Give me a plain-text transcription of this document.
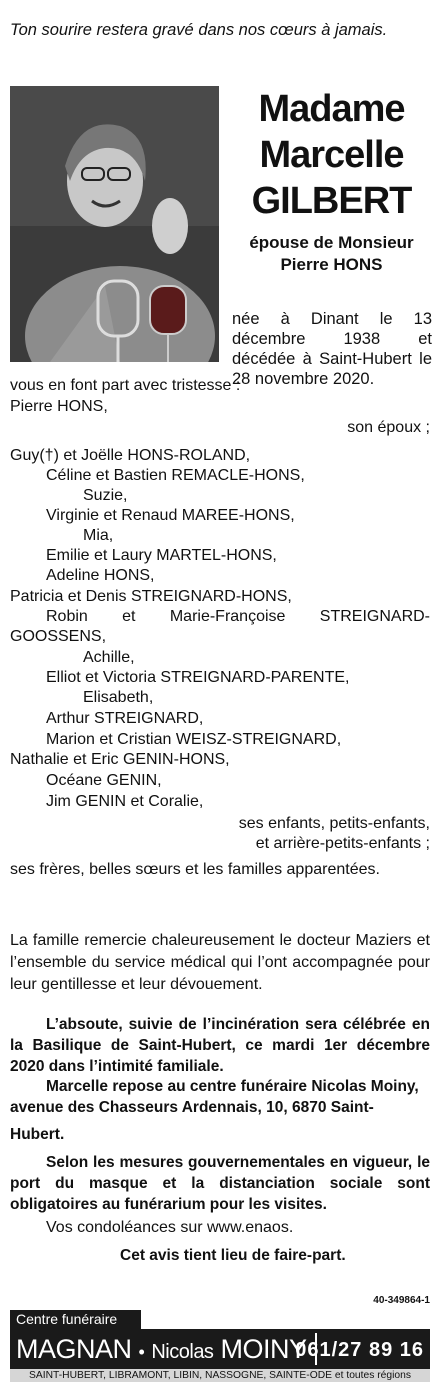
Ton sourire restera gravé dans nos cœurs à jamais.

Madame
Marcelle
GILBERT
épouse de Monsieur
Pierre HONS

née à Dinant le 13 décembre 1938 et décédée à Saint-Hubert le 28 novembre 2020.

vous en font part avec tristesse :

Pierre HONS,

son époux ;

Guy(†) et Joëlle HONS-ROLAND,

Céline et Bastien REMACLE-HONS,

Suzie,

Virginie et Renaud MAREE-HONS,

Mia,

Emilie et Laury MARTEL-HONS,

Adeline HONS,

Patricia et Denis STREIGNARD-HONS,

Robin et Marie-Françoise STREIGNARD-GOOSSENS,

Achille,

Elliot et Victoria STREIGNARD-PARENTE,

Elisabeth,

Arthur STREIGNARD,

Marion et Cristian WEISZ-STREIGNARD,

Nathalie et Eric GENIN-HONS,

Océane GENIN,

Jim GENIN et Coralie,

ses enfants, petits-enfants,

et arrière-petits-enfants ;

ses frères, belles sœurs et les familles apparentées.

La famille remercie chaleureusement le docteur Maziers et l’ensemble du service médical qui l’ont accompagnée pour leur gentillesse et leur dévouement.

L’absoute, suivie de l’incinération sera célébrée en la Basilique de Saint-Hubert, ce mardi 1er décembre 2020 dans l’intimité familiale.

Marcelle repose au centre funéraire Nicolas Moiny, avenue des Chasseurs Ardennais, 10, 6870 Saint-

Hubert.

Selon les mesures gouvernementales en vigueur, le port du masque et la distanciation sociale sont obligatoires au funérarium pour les visites.

Vos condoléances sur www.enaos.

Cet avis tient lieu de faire-part.

40-349864-1
Centre funéraire
MAGNAN • Nicolas MOINY
061/27 89 16
SAINT-HUBERT, LIBRAMONT, LIBIN, NASSOGNE, SAINTE-ODE et toutes régions
